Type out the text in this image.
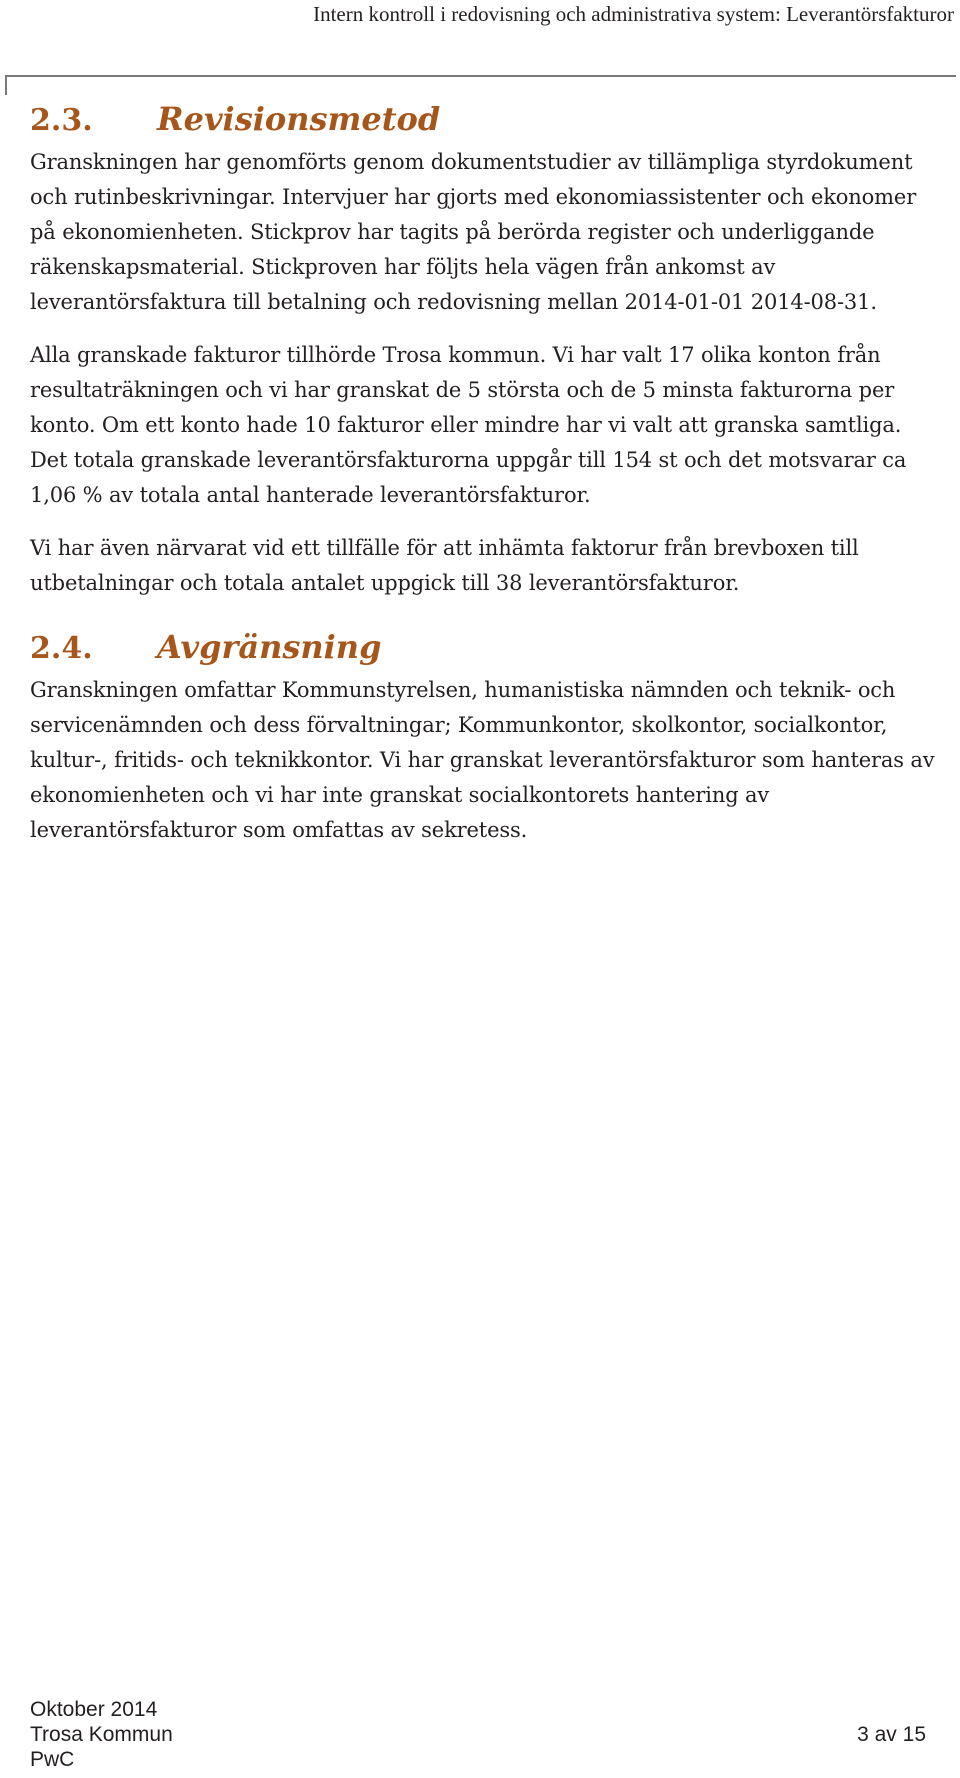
Intern kontroll i redovisning och administrativa system: Leverantörsfakturor
2.3.	Revisionsmetod

Granskningen har genomförts genom dokumentstudier av tillämpliga styrdokument och rutinbeskrivningar. Intervjuer har gjorts med ekonomiassistenter och ekonomer på ekonomienheten. Stickprov har tagits på berörda register och underliggande räkenskapsmaterial. Stickproven har följts hela vägen från ankomst av leverantörsfaktura till betalning och redovisning mellan 2014-01-01 2014-08-31.

Alla granskade fakturor tillhörde Trosa kommun. Vi har valt 17 olika konton från resultaträkningen och vi har granskat de 5 största och de 5 minsta fakturorna per konto. Om ett konto hade 10 fakturor eller mindre har vi valt att granska samtliga. Det totala granskade leverantörsfakturorna uppgår till 154 st och det motsvarar ca 1,06 % av totala antal hanterade leverantörsfakturor.

Vi har även närvarat vid ett tillfälle för att inhämta faktorur från brevboxen till utbetalningar och totala antalet uppgick till 38 leverantörsfakturor.

2.4.	Avgränsning

Granskningen omfattar Kommunstyrelsen, humanistiska nämnden och teknik- och servicenämnden och dess förvaltningar; Kommunkontor, skolkontor, socialkontor, kultur-, fritids- och teknikkontor. Vi har granskat leverantörsfakturor som hanteras av ekonomienheten och vi har inte granskat socialkontorets hantering av leverantörsfakturor som omfattas av sekretess.

Oktober 2014
Trosa Kommun
PwC
3 av 15
